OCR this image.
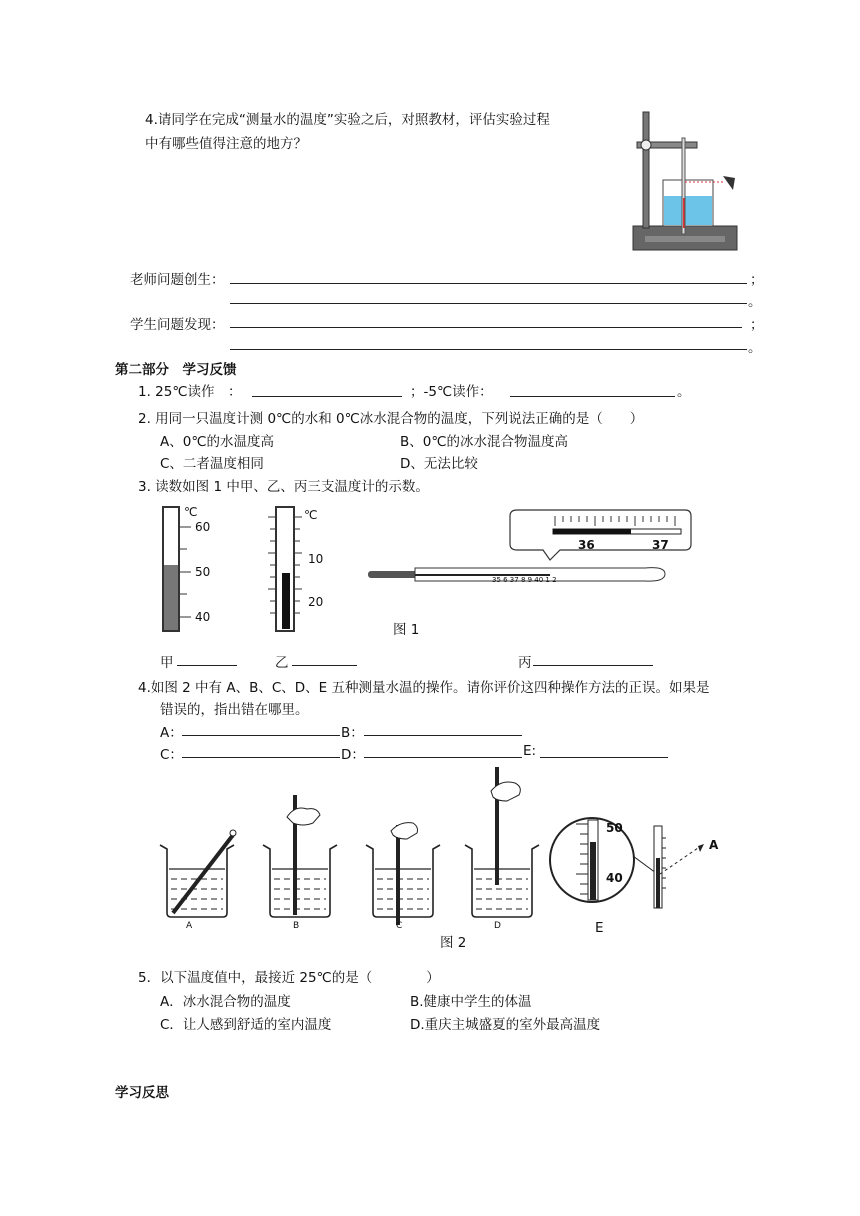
4.请同学在完成“测量水的温度”实验之后，对照教材，评估实验过程
中有哪些值得注意的地方？
老师问题创生：	；
。
学生问题发现：	；
。
第二部分　学习反馈
1. 25℃读作　：	；-5℃读作：	。
2. 用同一只温度计测 0℃的水和 0℃冰水混合物的温度，下列说法正确的是（　　）
A、0℃的水温度高	B、0℃的冰水混合物温度高
C、二者温度相同	D、无法比较
3. 读数如图 1 中甲、乙、丙三支温度计的示数。
℃
60
50
40
℃
10
20
36	37
35 6 37 8 9 40 1 2
图 1
甲	乙	丙
4.如图 2 中有 A、B、C、D、E 五种测量水温的操作。请你评价这四种操作方法的正误。如果是
错误的，指出错在哪里。
A：	B：
C：	D：	E:
A	B	C	D
50
40
A
图 2
E
5．以下温度值中，最接近 25℃的是（　　　　）
A．冰水混合物的温度	B.健康中学生的体温
C．让人感到舒适的室内温度	D.重庆主城盛夏的室外最高温度
学习反思
